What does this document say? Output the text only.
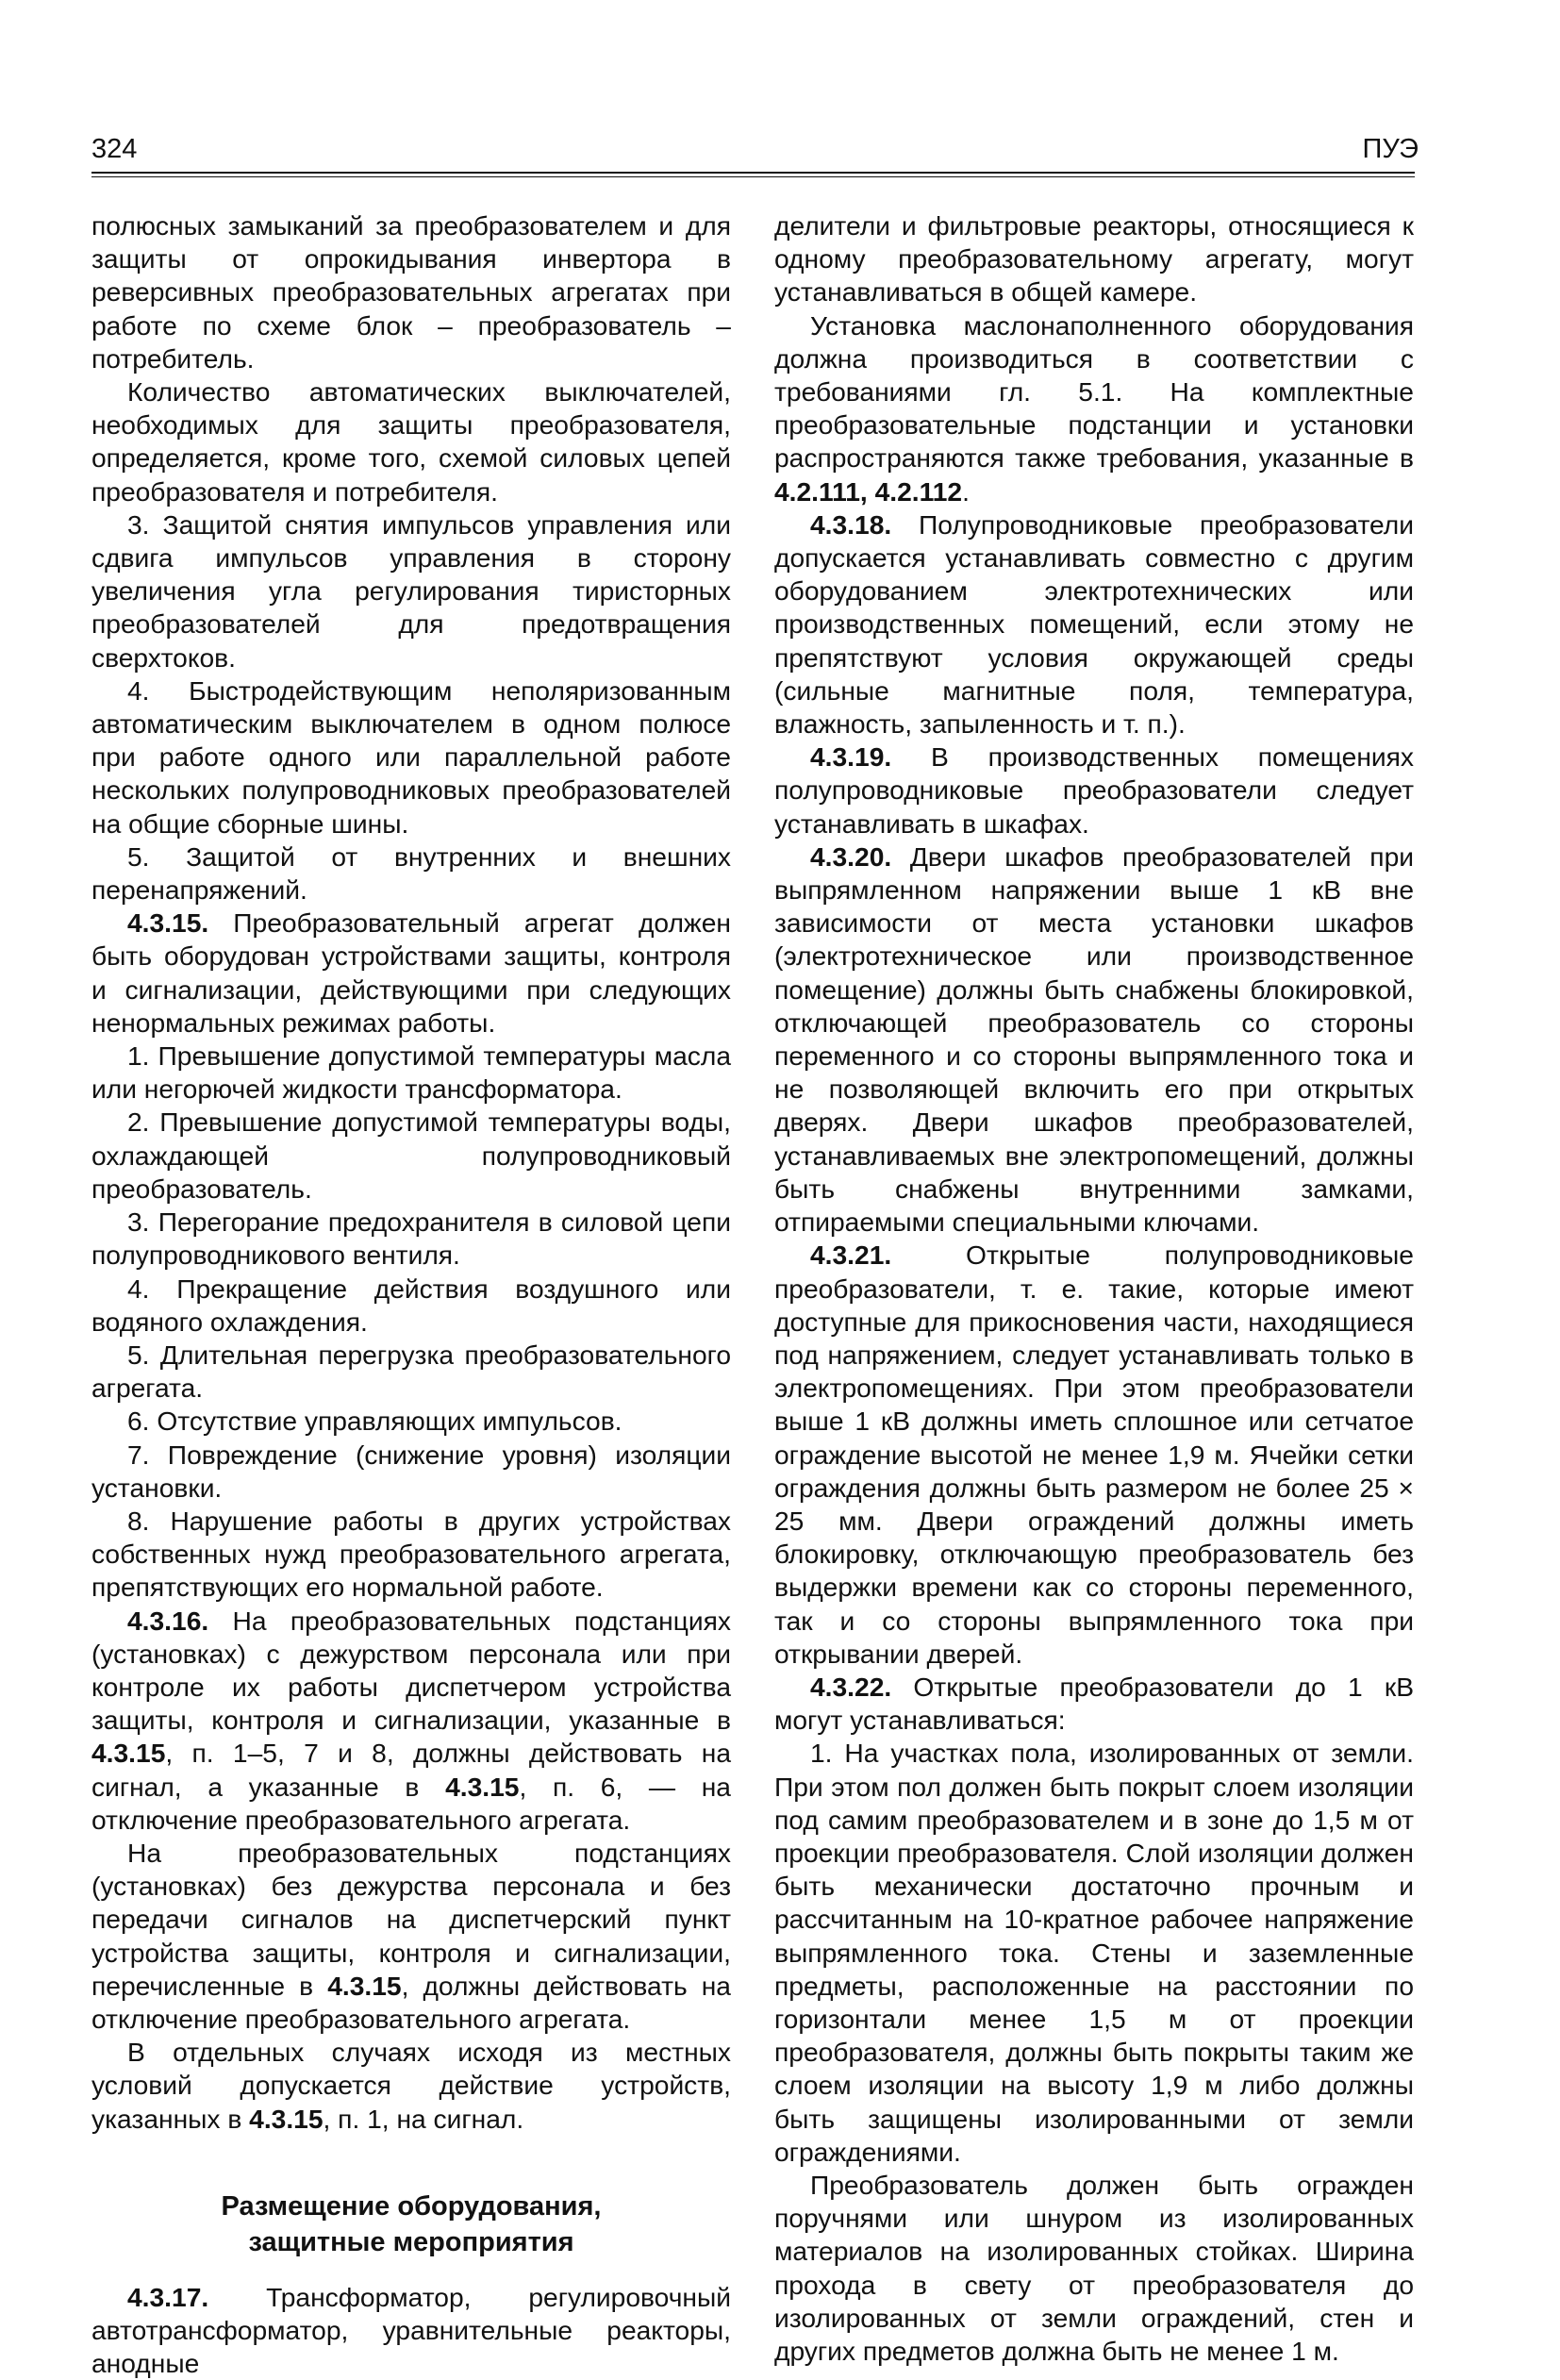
324	ПУЭ

полюсных замыканий за преобразователем и для защиты от опрокидывания инвертора в реверсивных преобразовательных агрегатах при работе по схеме блок – преобразователь – потребитель.

Количество автоматических выключателей, необходимых для защиты преобразователя, определяется, кроме того, схемой силовых цепей преобразователя и потребителя.

3. Защитой снятия импульсов управления или сдвига импульсов управления в сторону увеличения угла регулирования тиристорных преобразователей для предотвращения сверхтоков.

4. Быстродействующим неполяризованным автоматическим выключателем в одном полюсе при работе одного или параллельной работе нескольких полупроводниковых преобразователей на общие сборные шины.

5. Защитой от внутренних и внешних перенапряжений.

4.3.15. Преобразовательный агрегат должен быть оборудован устройствами защиты, контроля и сигнализации, действующими при следующих ненормальных режимах работы.

1. Превышение допустимой температуры масла или негорючей жидкости трансформатора.

2. Превышение допустимой температуры воды, охлаждающей полупроводниковый преобразователь.

3. Перегорание предохранителя в силовой цепи полупроводникового вентиля.

4. Прекращение действия воздушного или водяного охлаждения.

5. Длительная перегрузка преобразовательного агрегата.

6. Отсутствие управляющих импульсов.

7. Повреждение (снижение уровня) изоляции установки.

8. Нарушение работы в других устройствах собственных нужд преобразовательного агрегата, препятствующих его нормальной работе.

4.3.16. На преобразовательных подстанциях (установках) с дежурством персонала или при контроле их работы диспетчером устройства защиты, контроля и сигнализации, указанные в 4.3.15, п. 1–5, 7 и 8, должны действовать на сигнал, а указанные в 4.3.15, п. 6, — на отключение преобразовательного агрегата.

На преобразовательных подстанциях (установках) без дежурства персонала и без передачи сигналов на диспетчерский пункт устройства защиты, контроля и сигнализации, перечисленные в 4.3.15, должны действовать на отключение преобразовательного агрегата.

В отдельных случаях исходя из местных условий допускается действие устройств, указанных в 4.3.15, п. 1, на сигнал.

Размещение оборудования,
защитные мероприятия

4.3.17. Трансформатор, регулировочный автотрансформатор, уравнительные реакторы, анодные

делители и фильтровые реакторы, относящиеся к одному преобразовательному агрегату, могут устанавливаться в общей камере.

Установка маслонаполненного оборудования должна производиться в соответствии с требованиями гл. 5.1. На комплектные преобразовательные подстанции и установки распространяются также требования, указанные в 4.2.111, 4.2.112.

4.3.18. Полупроводниковые преобразователи допускается устанавливать совместно с другим оборудованием электротехнических или производственных помещений, если этому не препятствуют условия окружающей среды (сильные магнитные поля, температура, влажность, запыленность и т. п.).

4.3.19. В производственных помещениях полупроводниковые преобразователи следует устанавливать в шкафах.

4.3.20. Двери шкафов преобразователей при выпрямленном напряжении выше 1 кВ вне зависимости от места установки шкафов (электротехническое или производственное помещение) должны быть снабжены блокировкой, отключающей преобразователь со стороны переменного и со стороны выпрямленного тока и не позволяющей включить его при открытых дверях. Двери шкафов преобразователей, устанавливаемых вне электропомещений, должны быть снабжены внутренними замками, отпираемыми специальными ключами.

4.3.21. Открытые полупроводниковые преобразователи, т. е. такие, которые имеют доступные для прикосновения части, находящиеся под напряжением, следует устанавливать только в электропомещениях. При этом преобразователи выше 1 кВ должны иметь сплошное или сетчатое ограждение высотой не менее 1,9 м. Ячейки сетки ограждения должны быть размером не более 25 × 25 мм. Двери ограждений должны иметь блокировку, отключающую преобразователь без выдержки времени как со стороны переменного, так и со стороны выпрямленного тока при открывании дверей.

4.3.22. Открытые преобразователи до 1 кВ могут устанавливаться:

1. На участках пола, изолированных от земли. При этом пол должен быть покрыт слоем изоляции под самим преобразователем и в зоне до 1,5 м от проекции преобразователя. Слой изоляции должен быть механически достаточно прочным и рассчитанным на 10-кратное рабочее напряжение выпрямленного тока. Стены и заземленные предметы, расположенные на расстоянии по горизонтали менее 1,5 м от проекции преобразователя, должны быть покрыты таким же слоем изоляции на высоту 1,9 м либо должны быть защищены изолированными от земли ограждениями.

Преобразователь должен быть огражден поручнями или шнуром из изолированных материалов на изолированных стойках. Ширина прохода в свету от преобразователя до изолированных от земли ограждений, стен и других предметов должна быть не менее 1 м.
